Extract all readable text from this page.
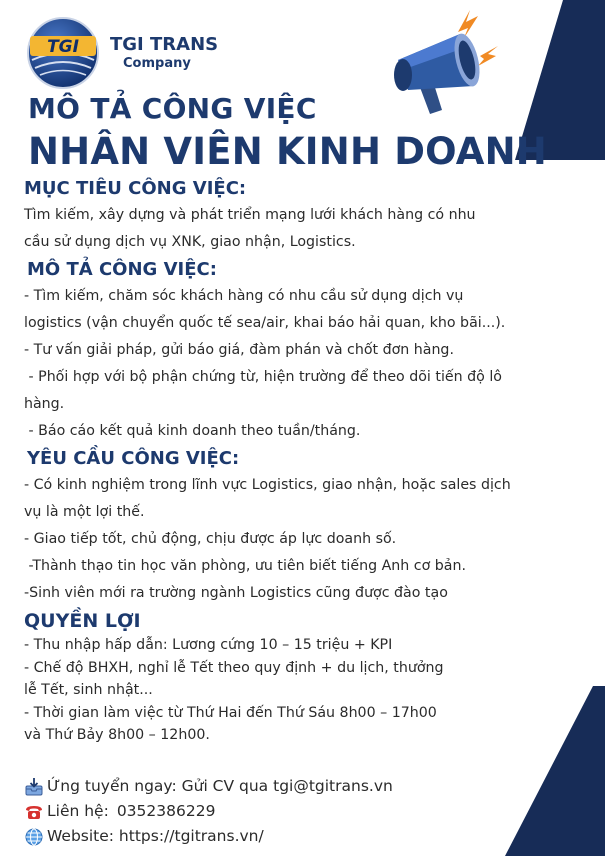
TGI TGI TRANS
Company
MÔ TẢ CÔNG VIỆC
NHÂN VIÊN KINH DOANH
MỤC TIÊU CÔNG VIỆC:
Tìm kiếm, xây dựng và phát triển mạng lưới khách hàng có nhu
cầu sử dụng dịch vụ XNK, giao nhận, Logistics.
MÔ TẢ CÔNG VIỆC:
- Tìm kiếm, chăm sóc khách hàng có nhu cầu sử dụng dịch vụ
logistics (vận chuyển quốc tế sea/air, khai báo hải quan, kho bãi...).
- Tư vấn giải pháp, gửi báo giá, đàm phán và chốt đơn hàng.
- Phối hợp với bộ phận chứng từ, hiện trường để theo dõi tiến độ lô
hàng.
- Báo cáo kết quả kinh doanh theo tuần/tháng.
YÊU CẦU CÔNG VIỆC:
- Có kinh nghiệm trong lĩnh vực Logistics, giao nhận, hoặc sales dịch
vụ là một lợi thế.
- Giao tiếp tốt, chủ động, chịu được áp lực doanh số.
-Thành thạo tin học văn phòng, ưu tiên biết tiếng Anh cơ bản.
-Sinh viên mới ra trường ngành Logistics cũng được đào tạo
QUYỀN LỢI
- Thu nhập hấp dẫn: Lương cứng 10 – 15 triệu + KPI
- Chế độ BHXH, nghỉ lễ Tết theo quy định + du lịch, thưởng
lễ Tết, sinh nhật...
- Thời gian làm việc từ Thứ Hai đến Thứ Sáu 8h00 – 17h00
và Thứ Bảy 8h00 – 12h00.
Ứng tuyển ngay: Gửi CV qua tgi@tgitrans.vn
Liên hệ: 0352386229
Website: https://tgitrans.vn/
